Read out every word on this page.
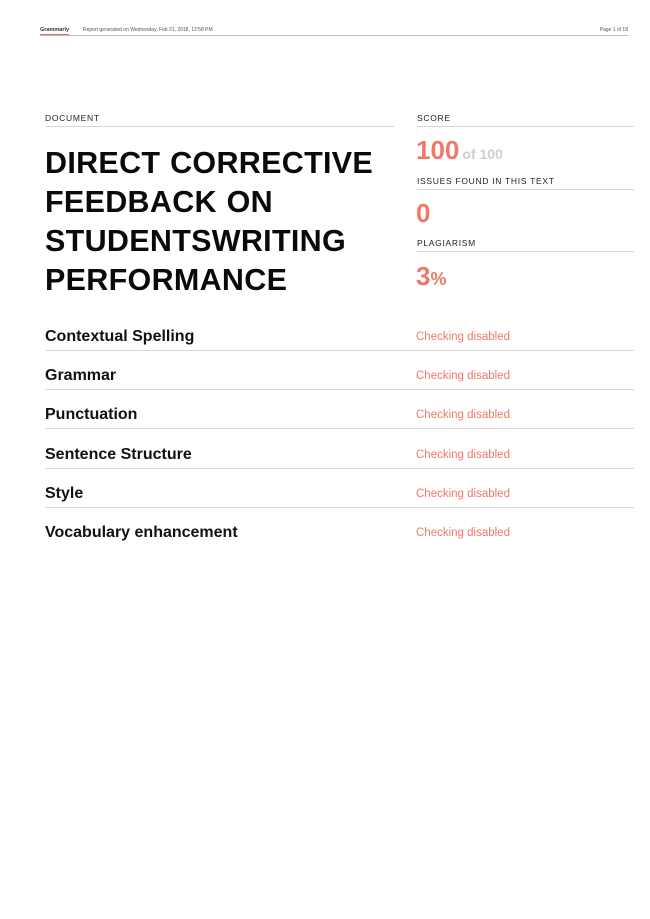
Grammarly	Report generated on Wednesday, Feb 21, 2018, 12:58 PM	Page 1 of 18
DOCUMENT
DIRECT CORRECTIVE FEEDBACK ON STUDENTSWRITING PERFORMANCE
SCORE
100 of 100
ISSUES FOUND IN THIS TEXT
0
PLAGIARISM
3%
Contextual Spelling	Checking disabled
Grammar	Checking disabled
Punctuation	Checking disabled
Sentence Structure	Checking disabled
Style	Checking disabled
Vocabulary enhancement	Checking disabled
